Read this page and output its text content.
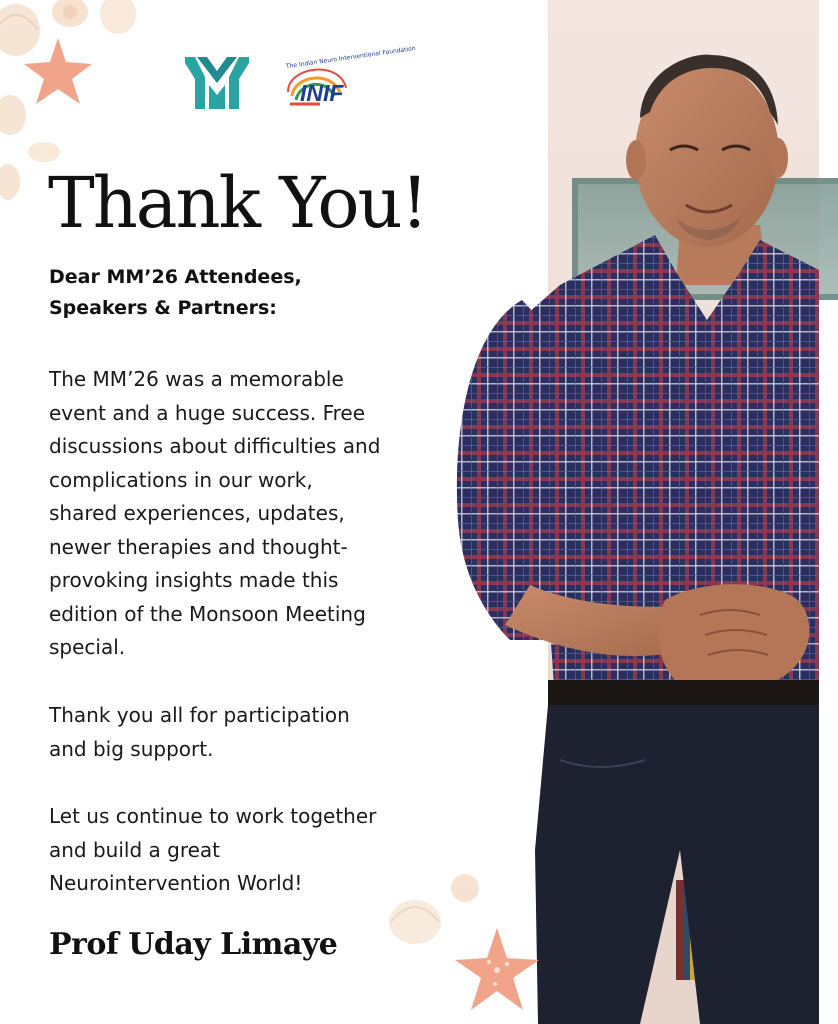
The Indian Neuro Interventional Foundation
INIF
Thank You!

Dear MM’26 Attendees,
Speakers & Partners:

The MM’26 was a memorable
event and a huge success. Free
discussions about difficulties and
complications in our work,
shared experiences, updates,
newer therapies and thought-
provoking insights made this
edition of the Monsoon Meeting
special.

Thank you all for participation
and big support.

Let us continue to work together
and build a great
Neurointervention World!

Prof Uday Limaye
